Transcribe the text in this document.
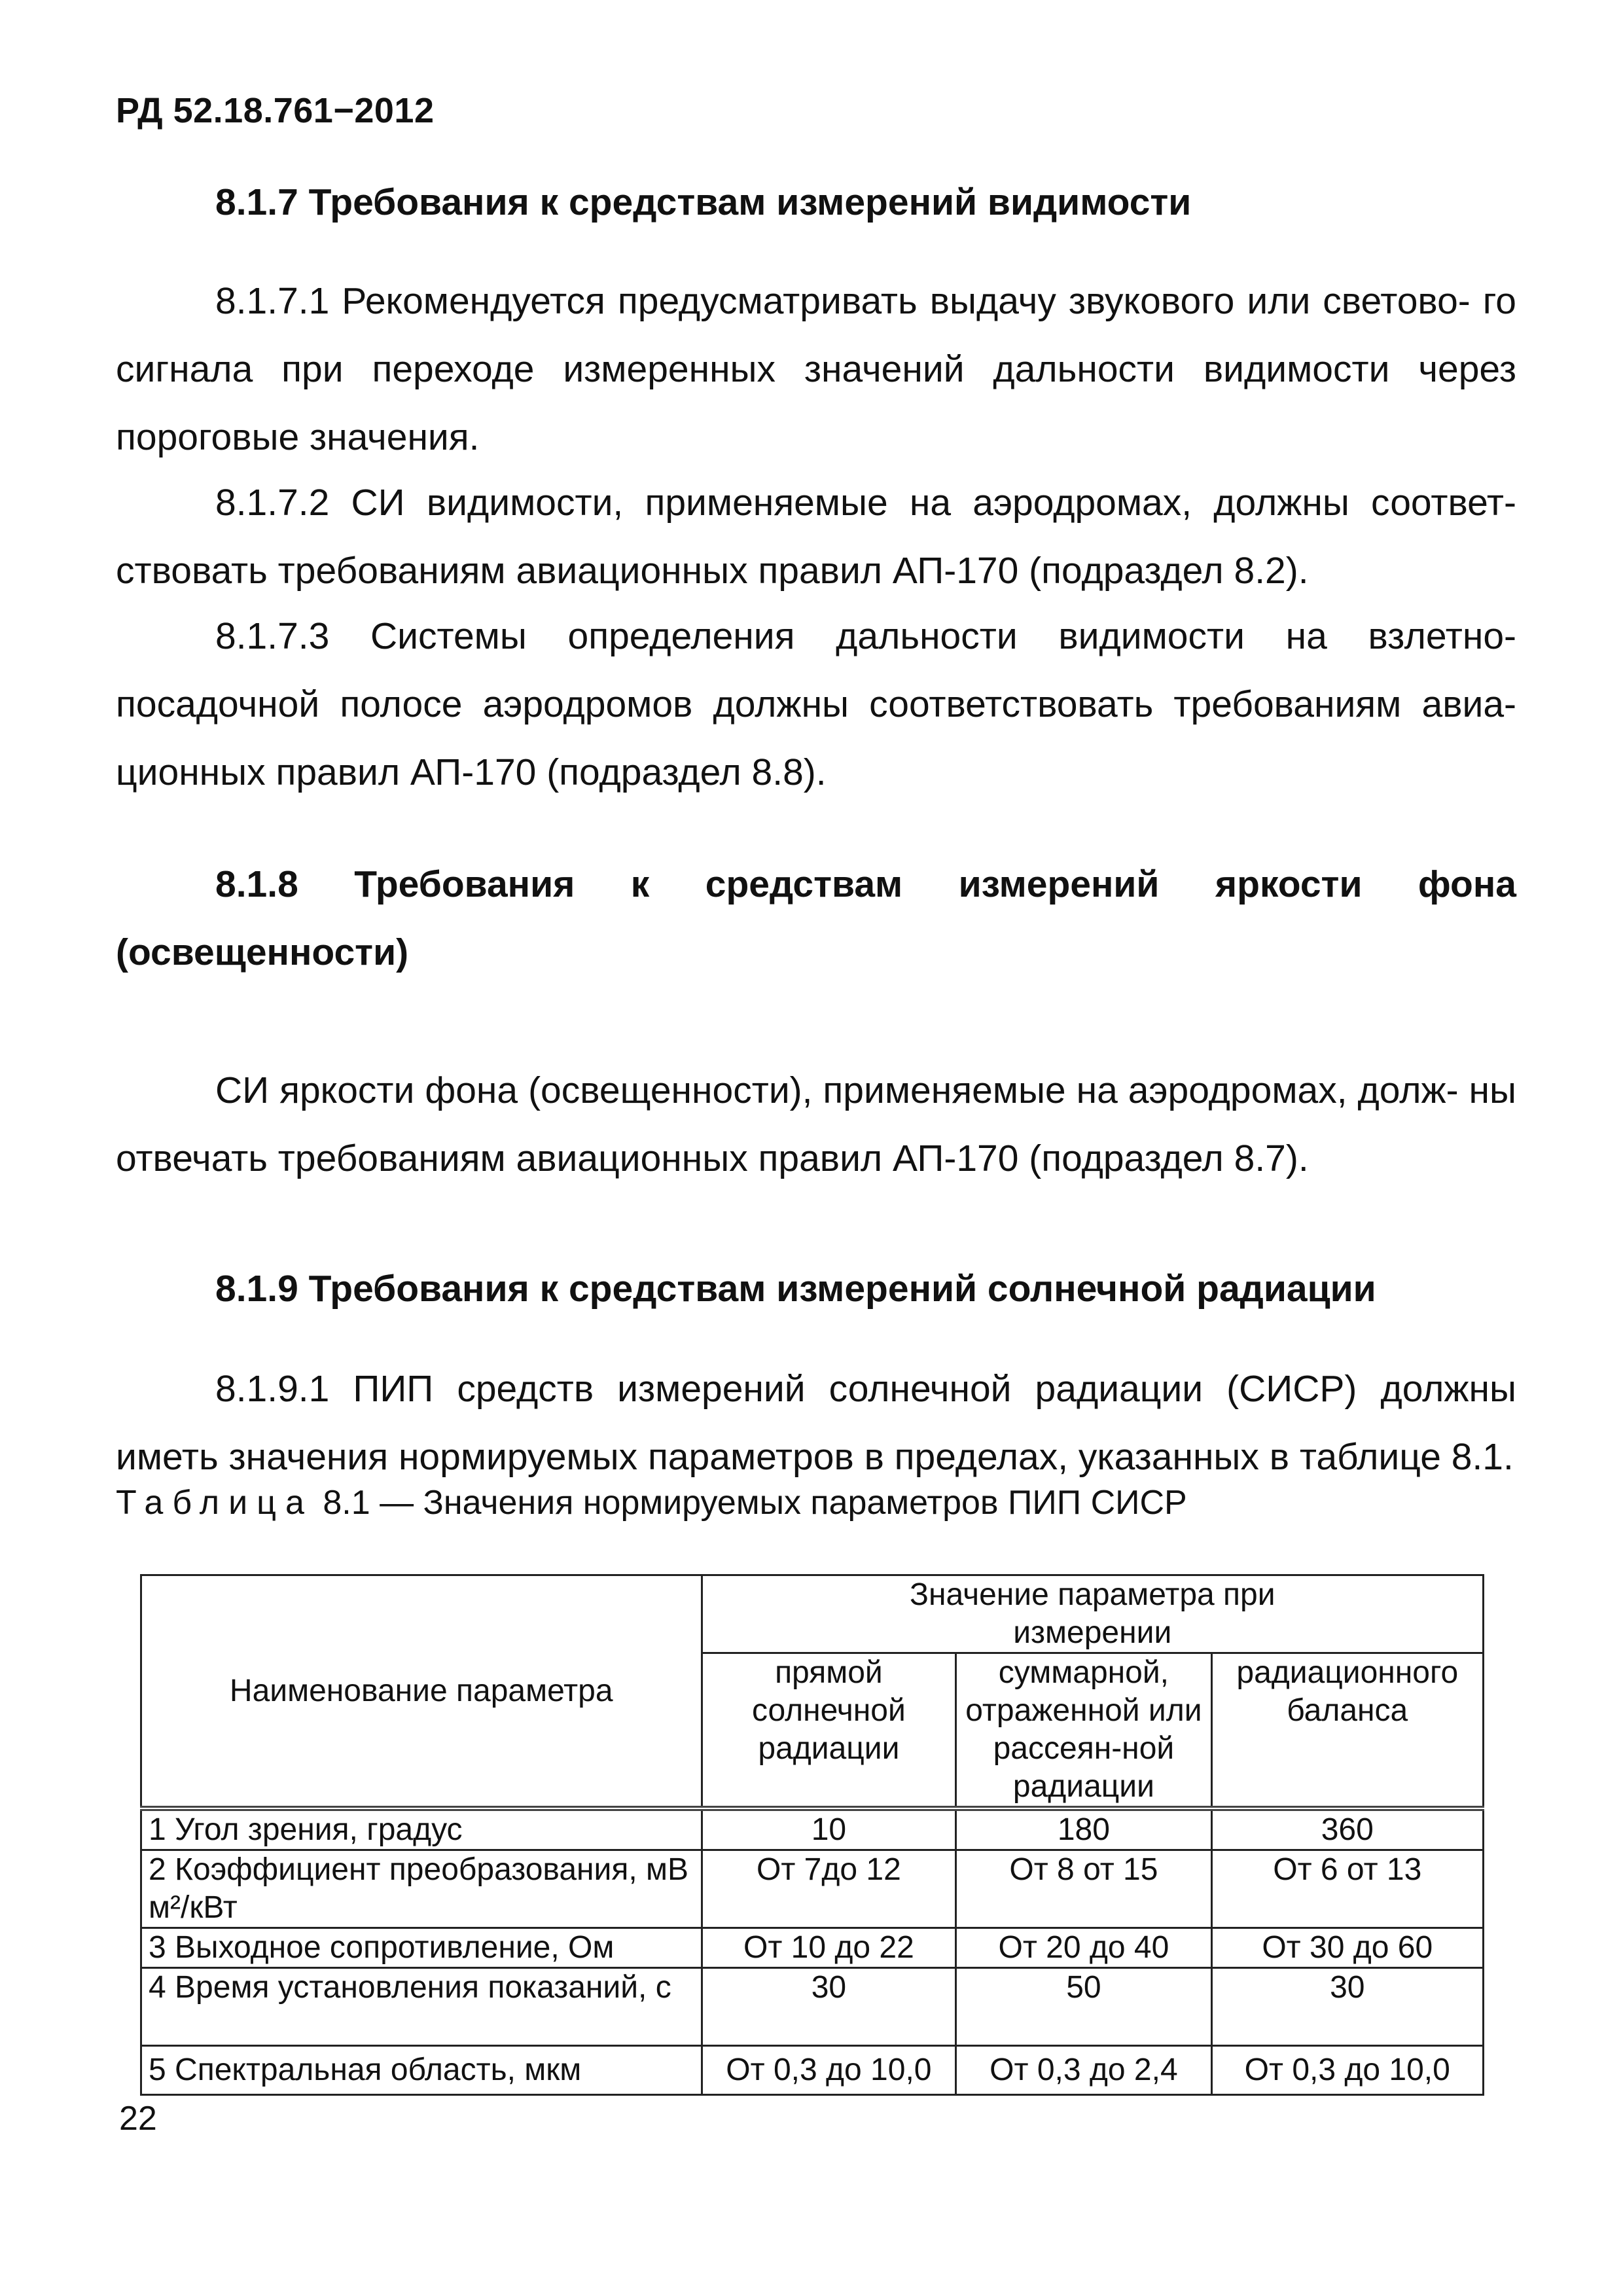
РД 52.18.761−2012
8.1.7 Требования к средствам измерений видимости
8.1.7.1 Рекомендуется предусматривать выдачу звукового или светово- го сигнала при переходе измеренных значений дальности видимости через пороговые значения.
8.1.7.2 СИ видимости, применяемые на аэродромах, должны соответ- ствовать требованиям авиационных правил АП-170 (подраздел 8.2).
8.1.7.3 Системы определения дальности видимости на взлетно- посадочной полосе аэродромов должны соответствовать требованиям авиа-ционных правил АП-170 (подраздел 8.8).
8.1.8 Требования к средствам измерений яркости фона
(освещенности)
СИ яркости фона (освещенности), применяемые на аэродромах, долж- ны отвечать требованиям авиационных правил АП-170 (подраздел 8.7).
8.1.9 Требования к средствам измерений солнечной радиации
8.1.9.1 ПИП средств измерений солнечной радиации (СИСР) должны иметь значения нормируемых параметров в пределах, указанных в таблице 8.1.
Таблица 8.1 — Значения нормируемых параметров ПИП СИСР
Наименование параметра	Значение параметра при измерении		
	прямой солнечной радиации	суммарной, отраженной или рассеян-ной радиации	радиационного баланса
1 Угол зрения, градус	10	180	360
2 Коэффициент преобразования, мВ м²/кВт	От 7до 12	От 8 от 15	От 6 от 13
3 Выходное сопротивление, Ом	От 10 до 22	От 20 до 40	От 30 до 60
4 Время установления показаний, с	30	50	30
5 Спектральная область, мкм	От 0,3 до 10,0	От 0,3 до 2,4	От 0,3 до 10,0
22
